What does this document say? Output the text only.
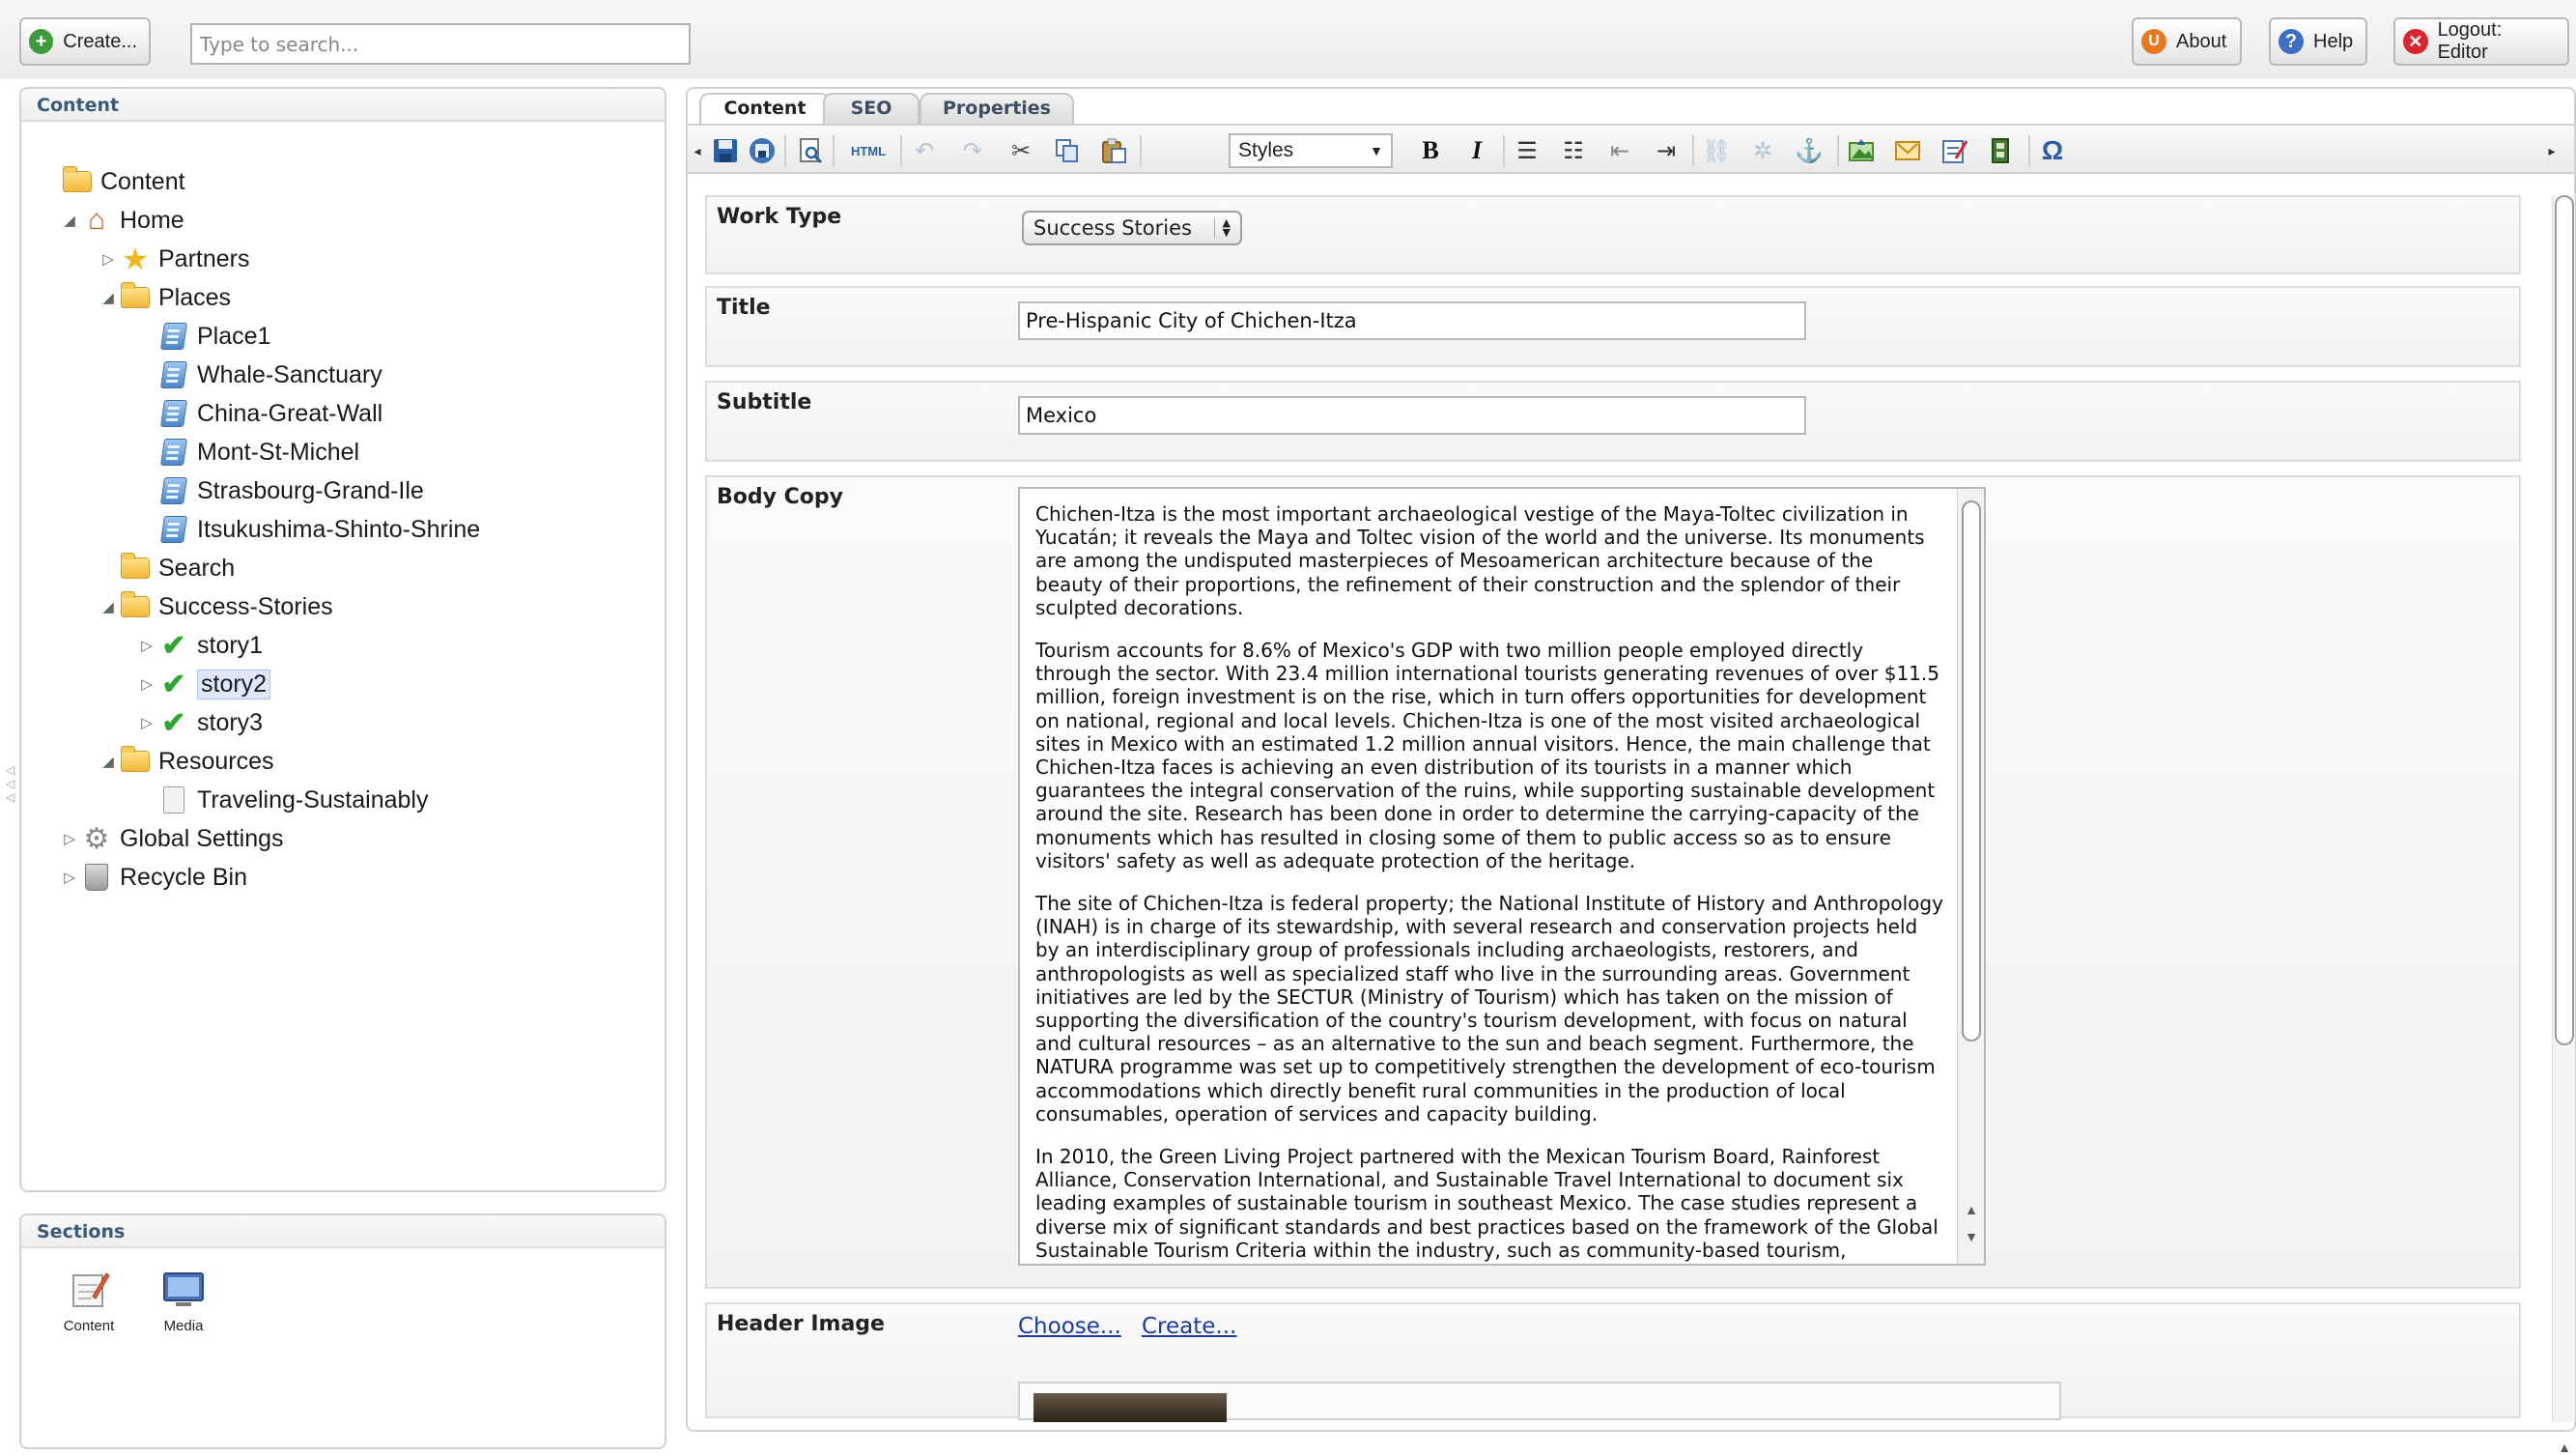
+ Create...
Type to search...	U About	? Help	✕
Logout: Editor
Content
Content
◢ ⌂ Home
▷ ★ Partners
◢ Places
Place1
Whale-Sanctuary
China-Great-Wall
Mont-St-Michel
Strasbourg-Grand-Ile
Itsukushima-Shinto-Shrine
Search
◢ Success-Stories
▷ ✔ story1
▷ ✔ story2
▷ ✔ story3
◢ Resources
Traveling-Sustainably
▷ ⚙ Global Settings
▷ Recycle Bin
◁
◁
◁
Sections
Content	Media
Content	SEO	Properties
◂	HTML	↶ ↷ ✂	Styles	▼	B	I	☰ ☷ ⇤ ⇥ ⛓ ✲ ⚓	Ω	▸
Work Type	Success Stories	▲
▼
Title
Pre-Hispanic City of Chichen-Itza
Subtitle
Mexico
Body Copy

Chichen-Itza is the most important archaeological vestige of the Maya-Toltec civilization in Yucatán; it reveals the Maya and Toltec vision of the world and the universe. Its monuments are among the undisputed masterpieces of Mesoamerican architecture because of the beauty of their proportions, the refinement of their construction and the splendor of their sculpted decorations.

Tourism accounts for 8.6% of Mexico's GDP with two million people employed directly through the sector. With 23.4 million international tourists generating revenues of over $11.5 million, foreign investment is on the rise, which in turn offers opportunities for development on national, regional and local levels. Chichen-Itza is one of the most visited archaeological sites in Mexico with an estimated 1.2 million annual visitors. Hence, the main challenge that Chichen-Itza faces is achieving an even distribution of its tourists in a manner which guarantees the integral conservation of the ruins, while supporting sustainable development around the site. Research has been done in order to determine the carrying-capacity of the monuments which has resulted in closing some of them to public access so as to ensure visitors' safety as well as adequate protection of the heritage.

The site of Chichen-Itza is federal property; the National Institute of History and Anthropology (INAH) is in charge of its stewardship, with several research and conservation projects held by an interdisciplinary group of professionals including archaeologists, restorers, and anthropologists as well as specialized staff who live in the surrounding areas. Government initiatives are led by the SECTUR (Ministry of Tourism) which has taken on the mission of supporting the diversification of the country's tourism development, with focus on natural and cultural resources – as an alternative to the sun and beach segment. Furthermore, the NATURA programme was set up to competitively strengthen the development of eco-tourism accommodations which directly benefit rural communities in the production of local consumables, operation of services and capacity building.

In 2010, the Green Living Project partnered with the Mexican Tourism Board, Rainforest Alliance, Conservation International, and Sustainable Travel International to document six leading examples of sustainable tourism in southeast Mexico. The case studies represent a diverse mix of significant standards and best practices based on the framework of the Global Sustainable Tourism Criteria within the industry, such as community-based tourism,

▲
▼
Header Image	Choose... Create...
▲
